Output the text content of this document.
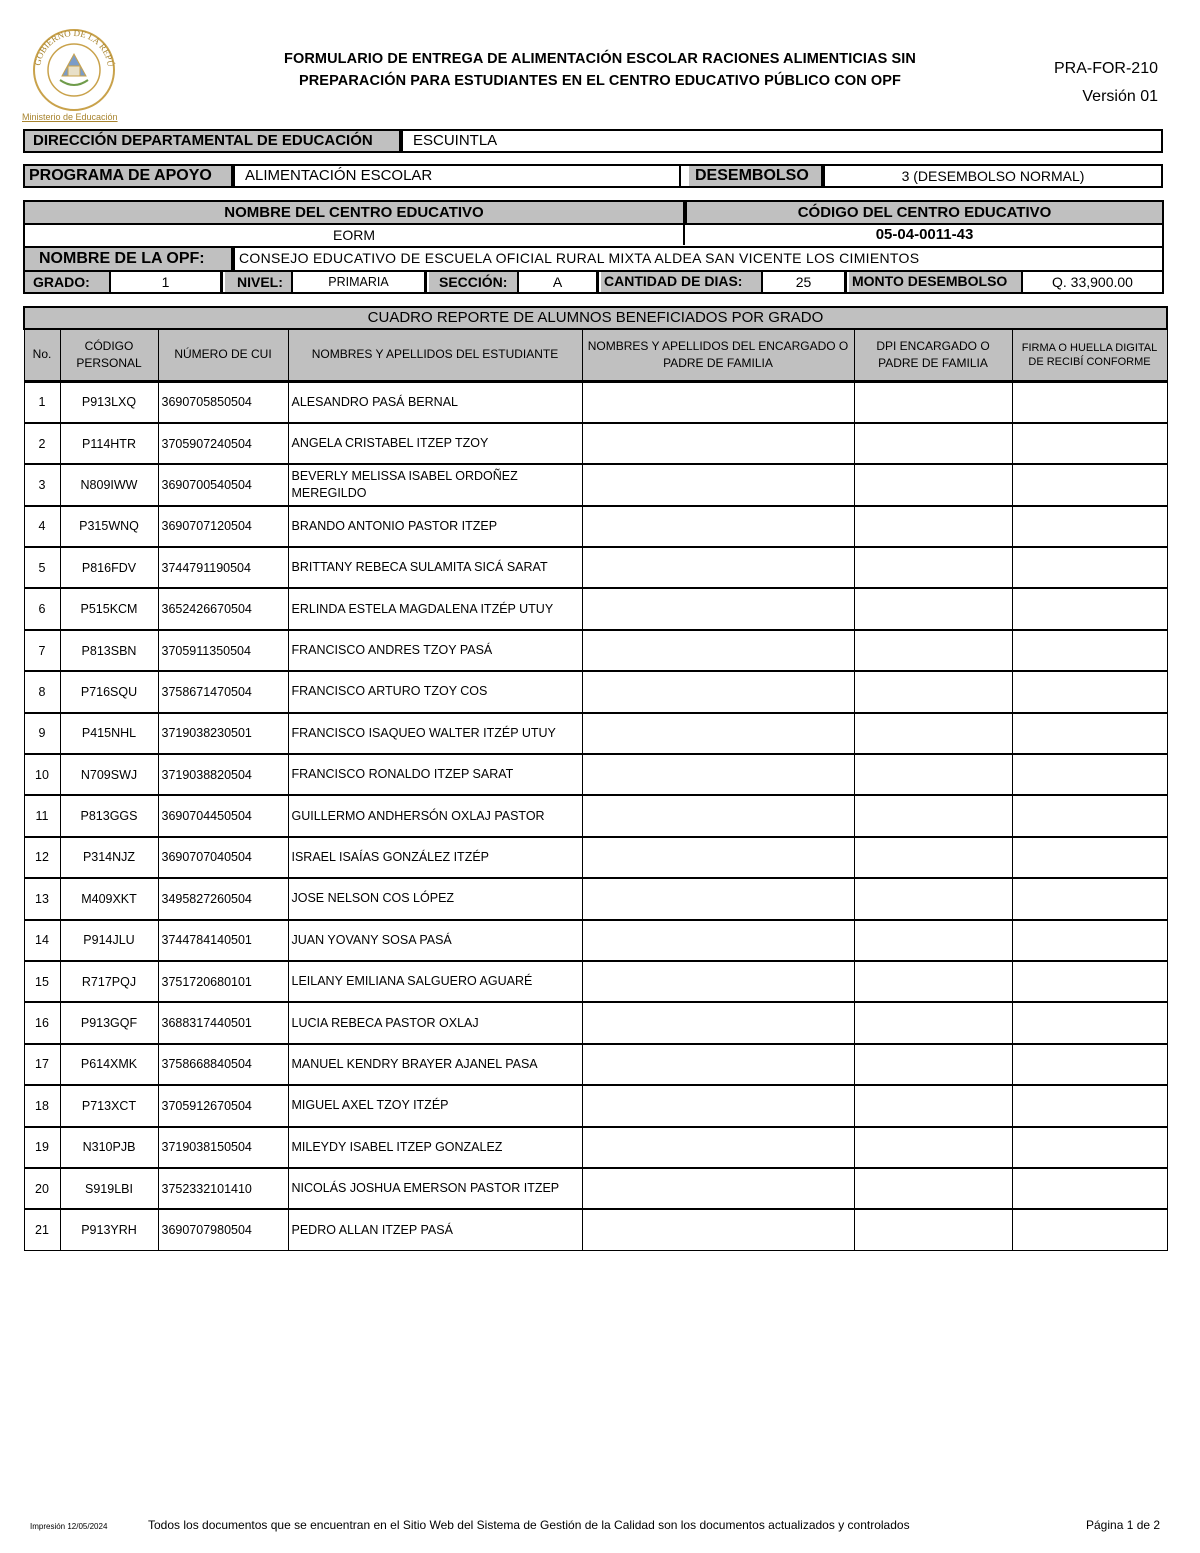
GOBIERNO DE LA REPÚ
Ministerio de Educación
FORMULARIO DE ENTREGA DE ALIMENTACIÓN ESCOLAR RACIONES ALIMENTICIAS SIN
PREPARACIÓN PARA ESTUDIANTES EN EL CENTRO EDUCATIVO PÚBLICO CON OPF
PRA-FOR-210
Versión 01
DIRECCIÓN DEPARTAMENTAL DE EDUCACIÓN	ESCUINTLA
PROGRAMA DE APOYO	ALIMENTACIÓN ESCOLAR	DESEMBOLSO	3 (DESEMBOLSO NORMAL)
NOMBRE DEL CENTRO EDUCATIVO	CÓDIGO DEL CENTRO EDUCATIVO
EORM	05-04-0011-43
NOMBRE DE LA OPF:	CONSEJO EDUCATIVO DE ESCUELA OFICIAL RURAL MIXTA ALDEA SAN VICENTE LOS CIMIENTOS
GRADO:	1	NIVEL:	PRIMARIA	SECCIÓN:	A	CANTIDAD DE DIAS:	25	MONTO DESEMBOLSO	Q. 33,900.00
CUADRO REPORTE DE ALUMNOS BENEFICIADOS POR GRADO						
No.	CÓDIGO PERSONAL	NÚMERO DE CUI	NOMBRES Y APELLIDOS DEL ESTUDIANTE	NOMBRES Y APELLIDOS DEL ENCARGADO O PADRE DE FAMILIA	DPI ENCARGADO O PADRE DE FAMILIA	FIRMA O HUELLA DIGITAL DE RECIBÍ CONFORME
1	P913LXQ	3690705850504	ALESANDRO PASÁ BERNAL			
2	P114HTR	3705907240504	ANGELA CRISTABEL ITZEP TZOY			
3	N809IWW	3690700540504	BEVERLY MELISSA ISABEL ORDOÑEZ MEREGILDO			
4	P315WNQ	3690707120504	BRANDO ANTONIO PASTOR ITZEP			
5	P816FDV	3744791190504	BRITTANY REBECA SULAMITA SICÁ SARAT			
6	P515KCM	3652426670504	ERLINDA ESTELA MAGDALENA ITZÉP UTUY			
7	P813SBN	3705911350504	FRANCISCO ANDRES TZOY PASÁ			
8	P716SQU	3758671470504	FRANCISCO ARTURO TZOY COS			
9	P415NHL	3719038230501	FRANCISCO ISAQUEO WALTER ITZÉP UTUY			
10	N709SWJ	3719038820504	FRANCISCO RONALDO ITZEP SARAT			
11	P813GGS	3690704450504	GUILLERMO ANDHERSÓN OXLAJ PASTOR			
12	P314NJZ	3690707040504	ISRAEL ISAÍAS GONZÁLEZ ITZÉP			
13	M409XKT	3495827260504	JOSE NELSON COS LÓPEZ			
14	P914JLU	3744784140501	JUAN YOVANY SOSA PASÁ			
15	R717PQJ	3751720680101	LEILANY EMILIANA SALGUERO AGUARÉ			
16	P913GQF	3688317440501	LUCIA REBECA PASTOR OXLAJ			
17	P614XMK	3758668840504	MANUEL KENDRY BRAYER AJANEL PASA			
18	P713XCT	3705912670504	MIGUEL AXEL TZOY ITZÉP			
19	N310PJB	3719038150504	MILEYDY ISABEL ITZEP GONZALEZ			
20	S919LBI	3752332101410	NICOLÁS JOSHUA EMERSON PASTOR ITZEP			
21	P913YRH	3690707980504	PEDRO ALLAN ITZEP PASÁ			
Impresión 12/05/2024	Todos los documentos que se encuentran en el Sitio Web del Sistema de Gestión de la Calidad son los documentos actualizados y controlados	Página 1 de 2
